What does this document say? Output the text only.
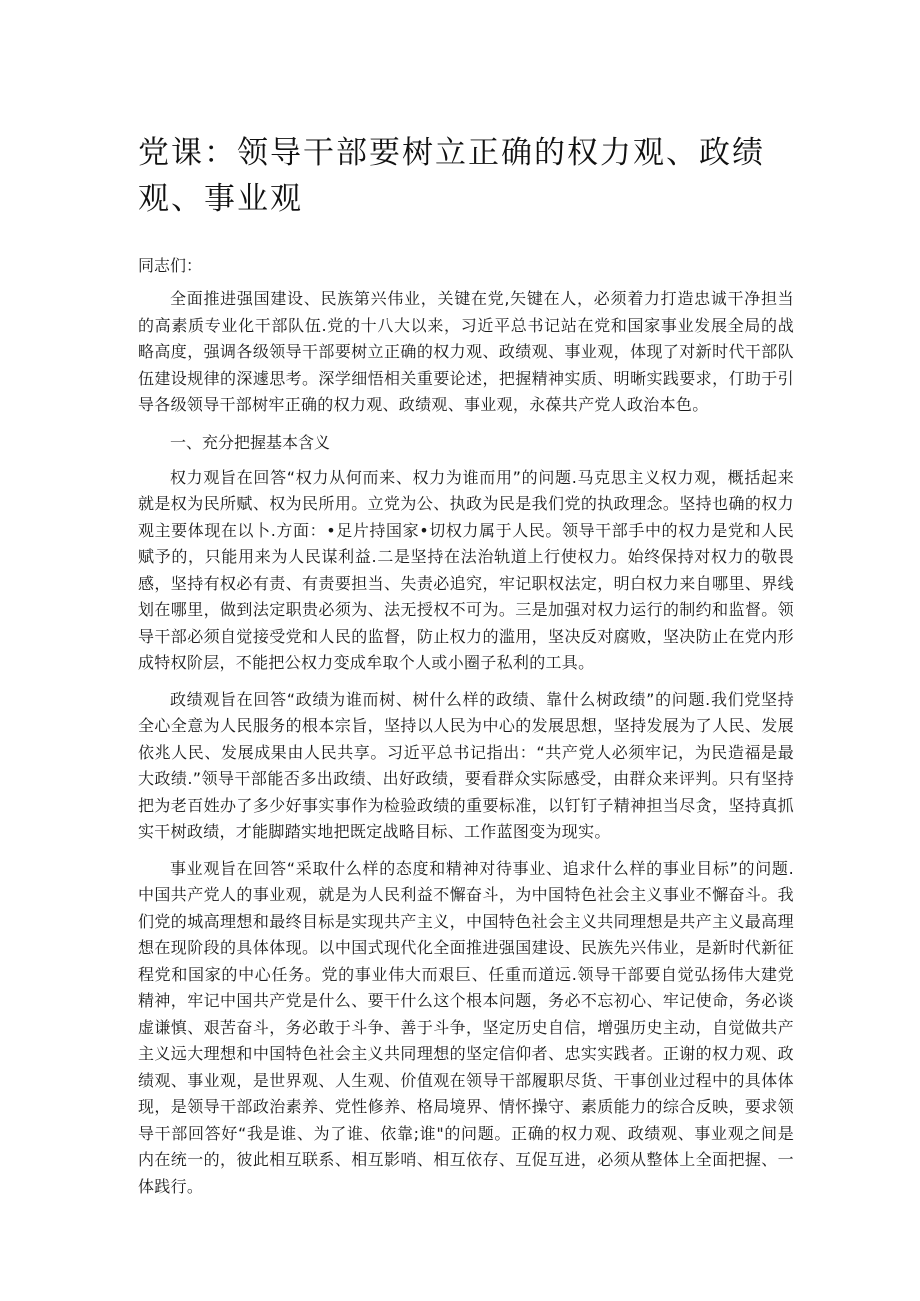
党课：领导干部要树立正确的权力观、政绩观、事业观

同志们：

全面推进强国建设、民族第兴伟业，关键在党,矢键在人，必须着力打造忠诚干净担当的高素质专业化干部队伍.党的十八大以来，习近平总书记站在党和国家事业发展全局的战略高度，强调各级领导干部要树立正确的权力观、政绩观、事业观，体现了对新时代干部队伍建设规律的深遽思考。深学细悟相关重要论述，把握精神实质、明晰实践要求，仃助于引导各级领导干部树牢正确的权力观、政绩观、事业观，永葆共产党人政治本色。

一、充分把握基本含义

权力观旨在回答“权力从何而来、权力为谁而用”的问题.马克思主义权力观，概括起来就是权为民所赋、权为民所用。立党为公、执政为民是我们党的执政理念。坚持也确的权力观主要体现在以卜.方面：•足片持国家•切权力属于人民。领导干部手中的权力是党和人民赋予的，只能用来为人民谋利益.二是坚持在法治轨道上行使权力。始终保持对权力的敬畏感，坚持有权必有责、有责要担当、失责必追究，牢记职权法定，明白权力来自哪里、界线划在哪里，做到法定职贵必须为、法无授权不可为。三是加强对权力运行的制约和监督。领导干部必须自觉接受党和人民的监督，防止权力的滥用，坚决反对腐败，坚决防止在党内形成特权阶层，不能把公权力变成牟取个人或小圈子私利的工具。

政绩观旨在回答“政绩为谁而树、树什么样的政绩、靠什么树政绩”的问题.我们党坚持全心全意为人民服务的根本宗旨，坚持以人民为中心的发展思想，坚持发展为了人民、发展依兆人民、发展成果由人民共享。习近平总书记指出：“共产党人必须牢记，为民造福是最大政绩.”领导干部能否多出政绩、出好政绩，要看群众实际感受，由群众来评判。只有坚持把为老百姓办了多少好事实事作为检验政绩的重要标准，以钉钉子精神担当尽贪，坚持真抓实干树政绩，才能脚踏实地把既定战略目标、工作蓝图变为现实。

事业观旨在回答“采取什么样的态度和精神对待事业、追求什么样的事业目标”的问题.中国共产党人的事业观，就是为人民利益不懈奋斗，为中国特色社会主义事业不懈奋斗。我们党的城高理想和最终目标是实现共产主义，中国特色社会主义共同理想是共产主义最高理想在现阶段的具体体现。以中国式现代化全面推进强国建设、民族先兴伟业，是新时代新征程党和国家的中心任务。党的事业伟大而艰巨、任重而道远.领导干部要自觉弘扬伟大建党精神，牢记中国共产党是什么、要干什么这个根本问题，务必不忘初心、牢记使命，务必谈虚谦慎、艰苦奋斗，务必敢于斗争、善于斗争，坚定历史自信，增强历史主动，自觉做共产主义远大理想和中国特色社会主义共同理想的坚定信仰者、忠实实践者。正谢的权力观、政绩观、事业观，是世界观、人生观、价值观在领导干部履职尽货、干事创业过程中的具体体现，是领导干部政治素养、党性修养、格局境界、情怀操守、素质能力的综合反映，要求领导干部回答好“我是谁、为了谁、依靠;谁"的问题。正确的权力观、政绩观、事业观之间是内在统一的，彼此相互联系、相互影哨、相互依存、互促互进，必须从整体上全面把握、一体践行。
